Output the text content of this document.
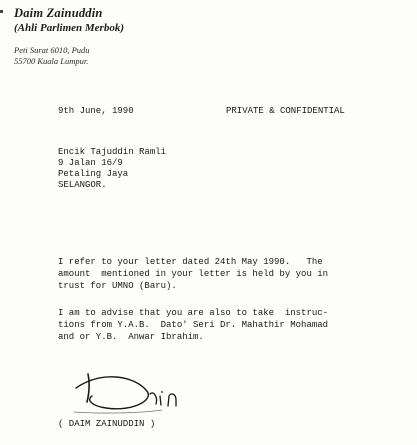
Daim Zainuddin
(Ahli Parlimen Merbok)
Peti Surat 6010, Pudu
55700 Kuala Lumpur.
9th June, 1990	PRIVATE & CONFIDENTIAL
Encik Tajuddin Ramli
9 Jalan 16/9
Petaling Jaya
SELANGOR.
I refer to your letter dated 24th May 1990.   The
amount  mentioned in your letter is held by you in
trust for UMNO (Baru).
I am to advise that you are also to take  instruc-
tions from Y.A.B.  Dato' Seri Dr. Mahathir Mohamad
and or Y.B.  Anwar Ibrahim.
( DAIM ZAINUDDIN )
